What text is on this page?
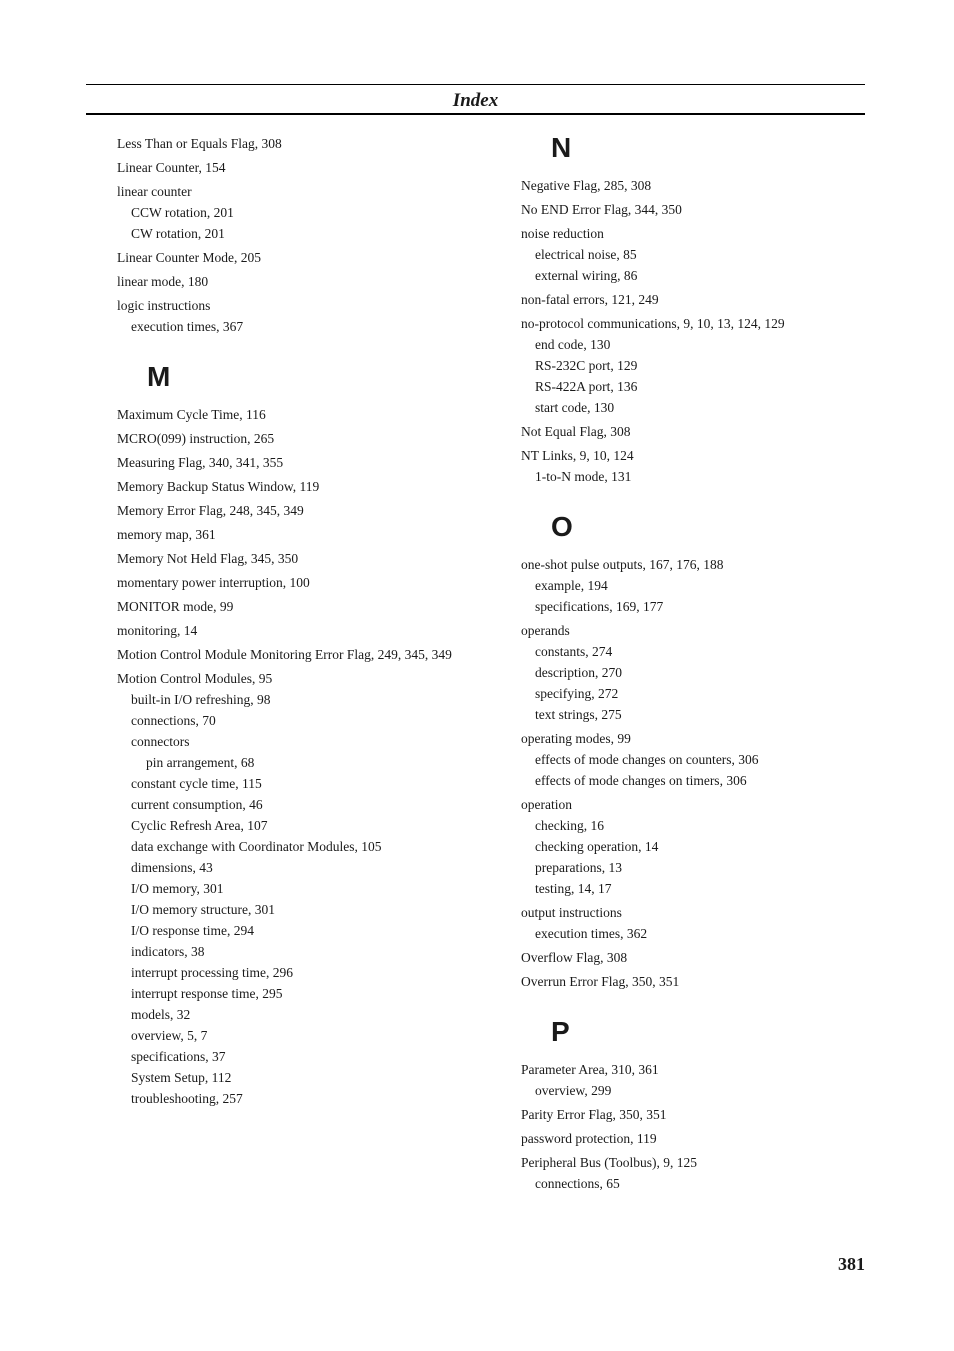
Index
Less Than or Equals Flag, 308
Linear Counter, 154
linear counter
CCW rotation, 201
CW rotation, 201
Linear Counter Mode, 205
linear mode, 180
logic instructions
execution times, 367
M
Maximum Cycle Time, 116
MCRO(099) instruction, 265
Measuring Flag, 340, 341, 355
Memory Backup Status Window, 119
Memory Error Flag, 248, 345, 349
memory map, 361
Memory Not Held Flag, 345, 350
momentary power interruption, 100
MONITOR mode, 99
monitoring, 14
Motion Control Module Monitoring Error Flag, 249, 345, 349
Motion Control Modules, 95
built-in I/O refreshing, 98
connections, 70
connectors
pin arrangement, 68
constant cycle time, 115
current consumption, 46
Cyclic Refresh Area, 107
data exchange with Coordinator Modules, 105
dimensions, 43
I/O memory, 301
I/O memory structure, 301
I/O response time, 294
indicators, 38
interrupt processing time, 296
interrupt response time, 295
models, 32
overview, 5, 7
specifications, 37
System Setup, 112
troubleshooting, 257
N
Negative Flag, 285, 308
No END Error Flag, 344, 350
noise reduction
electrical noise, 85
external wiring, 86
non-fatal errors, 121, 249
no-protocol communications, 9, 10, 13, 124, 129
end code, 130
RS-232C port, 129
RS-422A port, 136
start code, 130
Not Equal Flag, 308
NT Links, 9, 10, 124
1-to-N mode, 131
O
one-shot pulse outputs, 167, 176, 188
example, 194
specifications, 169, 177
operands
constants, 274
description, 270
specifying, 272
text strings, 275
operating modes, 99
effects of mode changes on counters, 306
effects of mode changes on timers, 306
operation
checking, 16
checking operation, 14
preparations, 13
testing, 14, 17
output instructions
execution times, 362
Overflow Flag, 308
Overrun Error Flag, 350, 351
P
Parameter Area, 310, 361
overview, 299
Parity Error Flag, 350, 351
password protection, 119
Peripheral Bus (Toolbus), 9, 125
connections, 65
381
